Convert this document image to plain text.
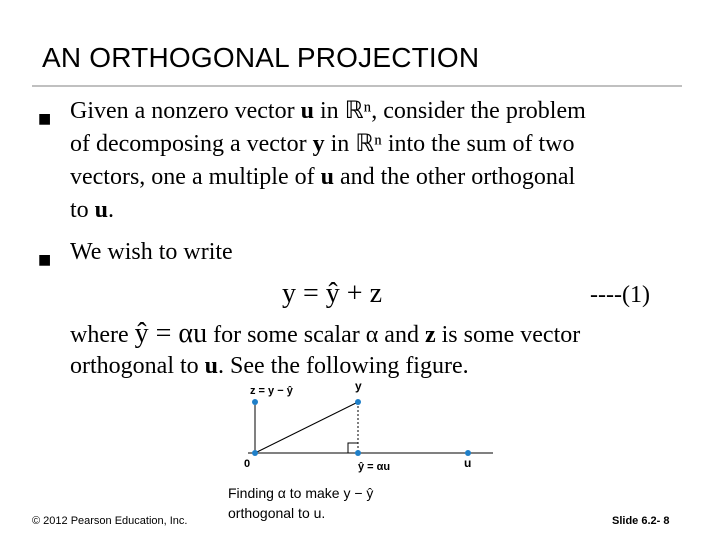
AN ORTHOGONAL PROJECTION
■ Given a nonzero vector u in ℝⁿ, consider the problem
of decomposing a vector y in ℝⁿ into the sum of two
vectors, one a multiple of u and the other orthogonal
to u.
■ We wish to write
y = ŷ + z	----(1)
where ŷ = αu for some scalar α and z is some vector
orthogonal to u. See the following figure.
z = y − ŷ	y
0	ŷ = αu	u
Finding α to make y − ŷ
orthogonal to u.
© 2012 Pearson Education, Inc.	Slide 6.2- 8
